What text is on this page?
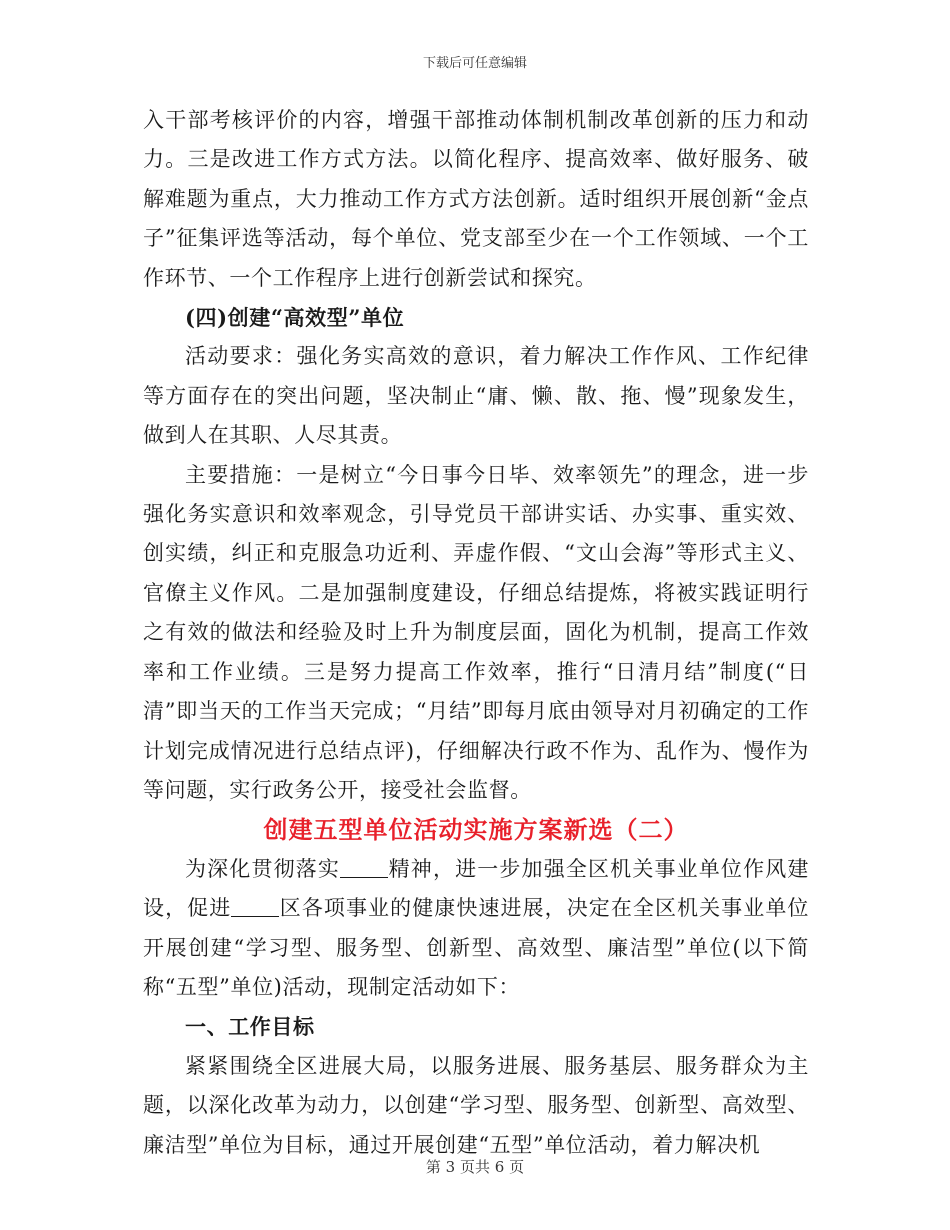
下载后可任意编辑

入干部考核评价的内容，增强干部推动体制机制改革创新的压力和动力。三是改进工作方式方法。以简化程序、提高效率、做好服务、破解难题为重点，大力推动工作方式方法创新。适时组织开展创新“金点子”征集评选等活动，每个单位、党支部至少在一个工作领域、一个工作环节、一个工作程序上进行创新尝试和探究。

(四)创建“高效型”单位

活动要求：强化务实高效的意识，着力解决工作作风、工作纪律等方面存在的突出问题，坚决制止“庸、懒、散、拖、慢”现象发生，做到人在其职、人尽其责。

主要措施：一是树立“今日事今日毕、效率领先”的理念，进一步强化务实意识和效率观念，引导党员干部讲实话、办实事、重实效、创实绩，纠正和克服急功近利、弄虚作假、“文山会海”等形式主义、官僚主义作风。二是加强制度建设，仔细总结提炼，将被实践证明行之有效的做法和经验及时上升为制度层面，固化为机制，提高工作效率和工作业绩。三是努力提高工作效率，推行“日清月结”制度(“日清”即当天的工作当天完成；“月结”即每月底由领导对月初确定的工作计划完成情况进行总结点评)，仔细解决行政不作为、乱作为、慢作为等问题，实行政务公开，接受社会监督。

创建五型单位活动实施方案新选（二）

为深化贯彻落实 精神，进一步加强全区机关事业单位作风建设，促进 区各项事业的健康快速进展，决定在全区机关事业单位开展创建“学习型、服务型、创新型、高效型、廉洁型”单位(以下简称“五型”单位)活动，现制定活动如下：

一、工作目标

紧紧围绕全区进展大局，以服务进展、服务基层、服务群众为主题，以深化改革为动力，以创建“学习型、服务型、创新型、高效型、廉洁型”单位为目标，通过开展创建“五型”单位活动，着力解决机

第 3 页共 6 页
